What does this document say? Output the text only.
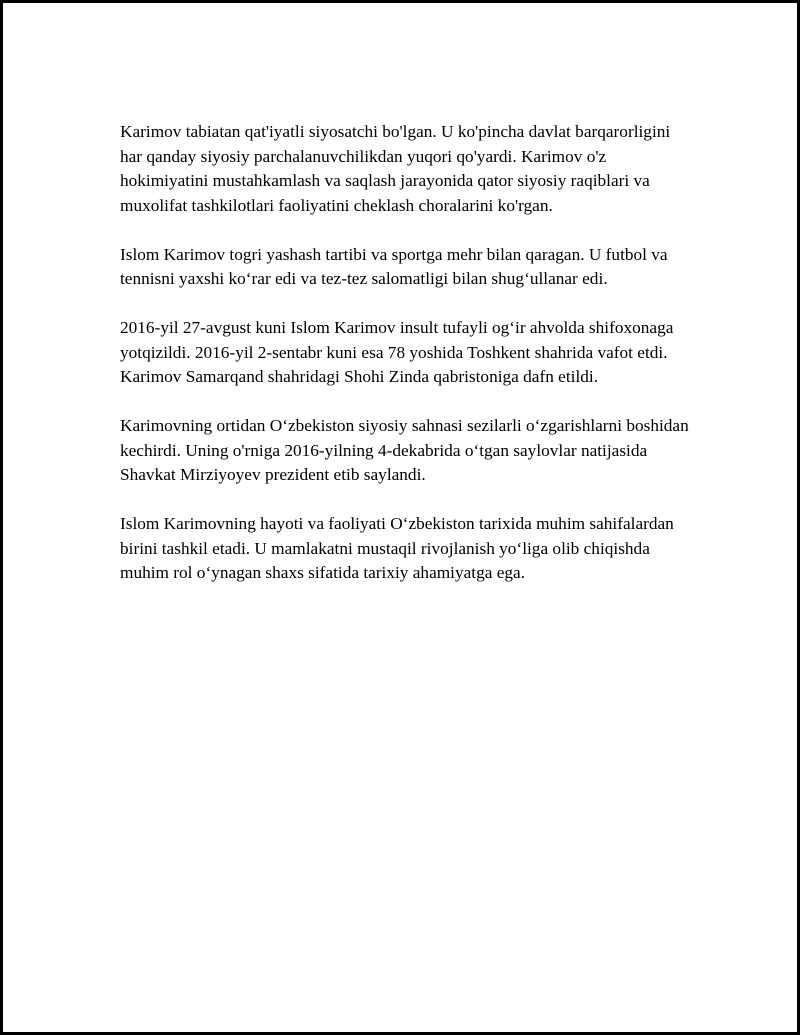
Karimov tabiatan qat'iyatli siyosatchi bo'lgan. U ko'pincha davlat barqarorligini har qanday siyosiy parchalanuvchilikdan yuqori qo'yardi. Karimov o'z hokimiyatini mustahkamlash va saqlash jarayonida qator siyosiy raqiblari va muxolifat tashkilotlari faoliyatini cheklash choralarini ko'rgan.

Islom Karimov togri yashash tartibi va sportga mehr bilan qaragan. U futbol va tennisni yaxshi ko‘rar edi va tez-tez salomatligi bilan shug‘ullanar edi.

2016-yil 27-avgust kuni Islom Karimov insult tufayli og‘ir ahvolda shifoxonaga yotqizildi. 2016-yil 2-sentabr kuni esa 78 yoshida Toshkent shahrida vafot etdi. Karimov Samarqand shahridagi Shohi Zinda qabristoniga dafn etildi.

Karimovning ortidan O‘zbekiston siyosiy sahnasi sezilarli o‘zgarishlarni boshidan kechirdi. Uning o'rniga 2016-yilning 4-dekabrida o‘tgan saylovlar natijasida Shavkat Mirziyoyev prezident etib saylandi.

Islom Karimovning hayoti va faoliyati O‘zbekiston tarixida muhim sahifalardan birini tashkil etadi. U mamlakatni mustaqil rivojlanish yo‘liga olib chiqishda muhim rol o‘ynagan shaxs sifatida tarixiy ahamiyatga ega.
